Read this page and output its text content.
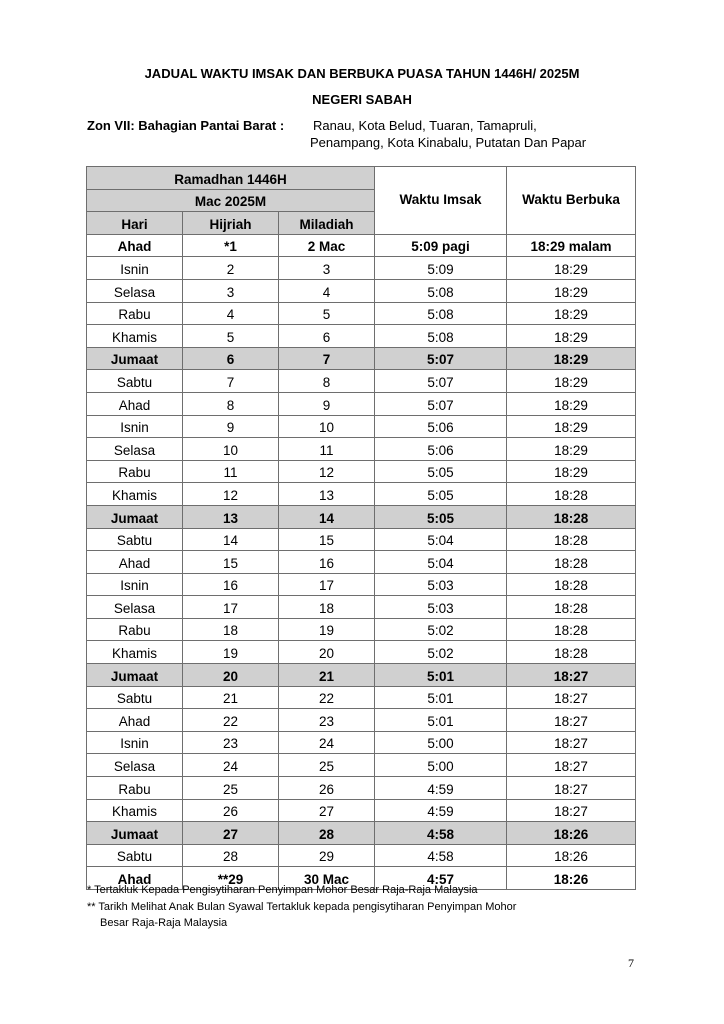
JADUAL WAKTU IMSAK DAN BERBUKA PUASA TAHUN 1446H/ 2025M
NEGERI SABAH
Zon VII: Bahagian Pantai Barat : Ranau, Kota Belud, Tuaran, Tamapruli,
Penampang, Kota Kinabalu, Putatan Dan Papar
Ramadhan 1446H			Waktu Imsak	Waktu Berbuka
Mac 2025M				
Hari	Hijriah	Miladiah		
Ahad	*1	2 Mac	5:09 pagi	18:29 malam
Isnin	2	3	5:09	18:29
Selasa	3	4	5:08	18:29
Rabu	4	5	5:08	18:29
Khamis	5	6	5:08	18:29
Jumaat	6	7	5:07	18:29
Sabtu	7	8	5:07	18:29
Ahad	8	9	5:07	18:29
Isnin	9	10	5:06	18:29
Selasa	10	11	5:06	18:29
Rabu	11	12	5:05	18:29
Khamis	12	13	5:05	18:28
Jumaat	13	14	5:05	18:28
Sabtu	14	15	5:04	18:28
Ahad	15	16	5:04	18:28
Isnin	16	17	5:03	18:28
Selasa	17	18	5:03	18:28
Rabu	18	19	5:02	18:28
Khamis	19	20	5:02	18:28
Jumaat	20	21	5:01	18:27
Sabtu	21	22	5:01	18:27
Ahad	22	23	5:01	18:27
Isnin	23	24	5:00	18:27
Selasa	24	25	5:00	18:27
Rabu	25	26	4:59	18:27
Khamis	26	27	4:59	18:27
Jumaat	27	28	4:58	18:26
Sabtu	28	29	4:58	18:26
Ahad	**29	30 Mac	4:57	18:26
* Tertakluk Kepada Pengisytiharan Penyimpan Mohor Besar Raja-Raja Malaysia
** Tarikh Melihat Anak Bulan Syawal Tertakluk kepada pengisytiharan Penyimpan Mohor
Besar Raja-Raja Malaysia
7
